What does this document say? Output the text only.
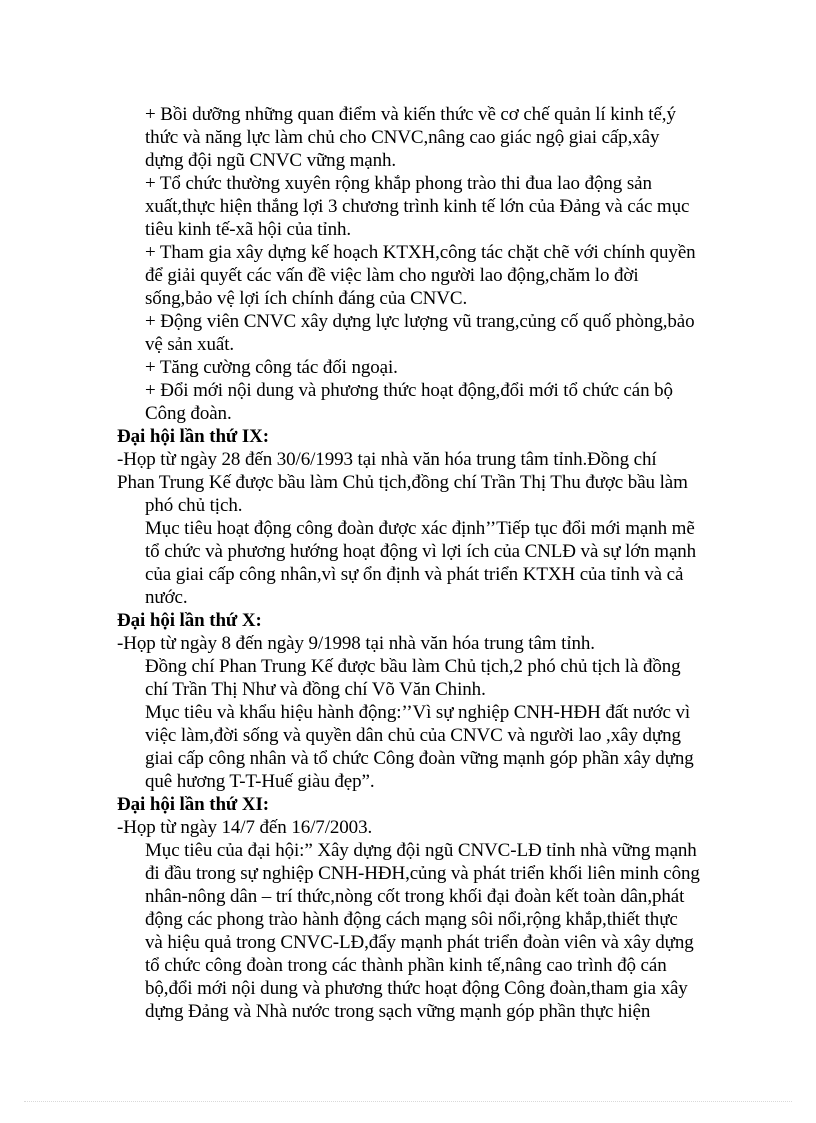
+ Bồi dưỡng những quan điểm và kiến thức về cơ chế quản lí kinh tế,ý
thức và năng lực làm chủ cho CNVC,nâng cao giác ngộ giai cấp,xây
dựng đội ngũ CNVC vững mạnh.
+ Tổ chức thường xuyên rộng khắp phong trào thi đua lao động sản
xuất,thực hiện thắng lợi 3 chương trình kinh tế lớn của Đảng và các mục
tiêu kinh tế-xã hội của tỉnh.
+ Tham gia xây dựng kế hoạch KTXH,công tác chặt chẽ với chính quyền
để giải quyết các vấn đề việc làm cho người lao động,chăm lo đời
sống,bảo vệ lợi ích chính đáng của CNVC.
+ Động viên CNVC xây dựng lực lượng vũ trang,củng cố quố phòng,bảo
vệ sản xuất.
+ Tăng cường công tác đối ngoại.
+ Đổi mới nội dung và phương thức hoạt động,đổi mới tổ chức cán bộ
Công đoàn.
Đại hội lần thứ IX:
-Họp từ ngày 28 đến 30/6/1993 tại nhà văn hóa trung tâm tỉnh.Đồng chí
Phan Trung Kế được bầu làm Chủ tịch,đồng chí Trần Thị Thu được bầu làm
phó chủ tịch.
Mục tiêu hoạt động công đoàn được xác định’’Tiếp tục đổi mới mạnh mẽ
tổ chức và phương hướng hoạt động vì lợi ích của CNLĐ và sự lớn mạnh
của giai cấp công nhân,vì sự ổn định và phát triển KTXH của tỉnh và cả
nước.
Đại hội lần thứ X:
-Họp từ ngày 8 đến ngày 9/1998 tại nhà văn hóa trung tâm tỉnh.
Đồng chí Phan Trung Kế được bầu làm Chủ tịch,2 phó chủ tịch là đồng
chí Trần Thị Như và đồng chí Võ Văn Chinh.
Mục tiêu và khẩu hiệu hành động:’’Vì sự nghiệp CNH-HĐH đất nước vì
việc làm,đời sống và quyền dân chủ của CNVC và người lao ,xây dựng
giai cấp công nhân và tổ chức Công đoàn vững mạnh góp phần xây dựng
quê hương T-T-Huế giàu đẹp”.
Đại hội lần thứ XI:
-Họp từ ngày 14/7 đến 16/7/2003.
Mục tiêu của đại hội:” Xây dựng đội ngũ CNVC-LĐ tỉnh nhà vững mạnh
đi đầu trong sự nghiệp CNH-HĐH,củng và phát triển khối liên minh công
nhân-nông dân – trí thức,nòng cốt trong khối đại đoàn kết toàn dân,phát
động các phong trào hành động cách mạng sôi nổi,rộng khắp,thiết thực
và hiệu quả trong CNVC-LĐ,đẩy mạnh phát triển đoàn viên và xây dựng
tổ chức công đoàn trong các thành phần kinh tế,nâng cao trình độ cán
bộ,đổi mới nội dung và phương thức hoạt động Công đoàn,tham gia xây
dựng Đảng và Nhà nước trong sạch vững mạnh góp phần thực hiện
